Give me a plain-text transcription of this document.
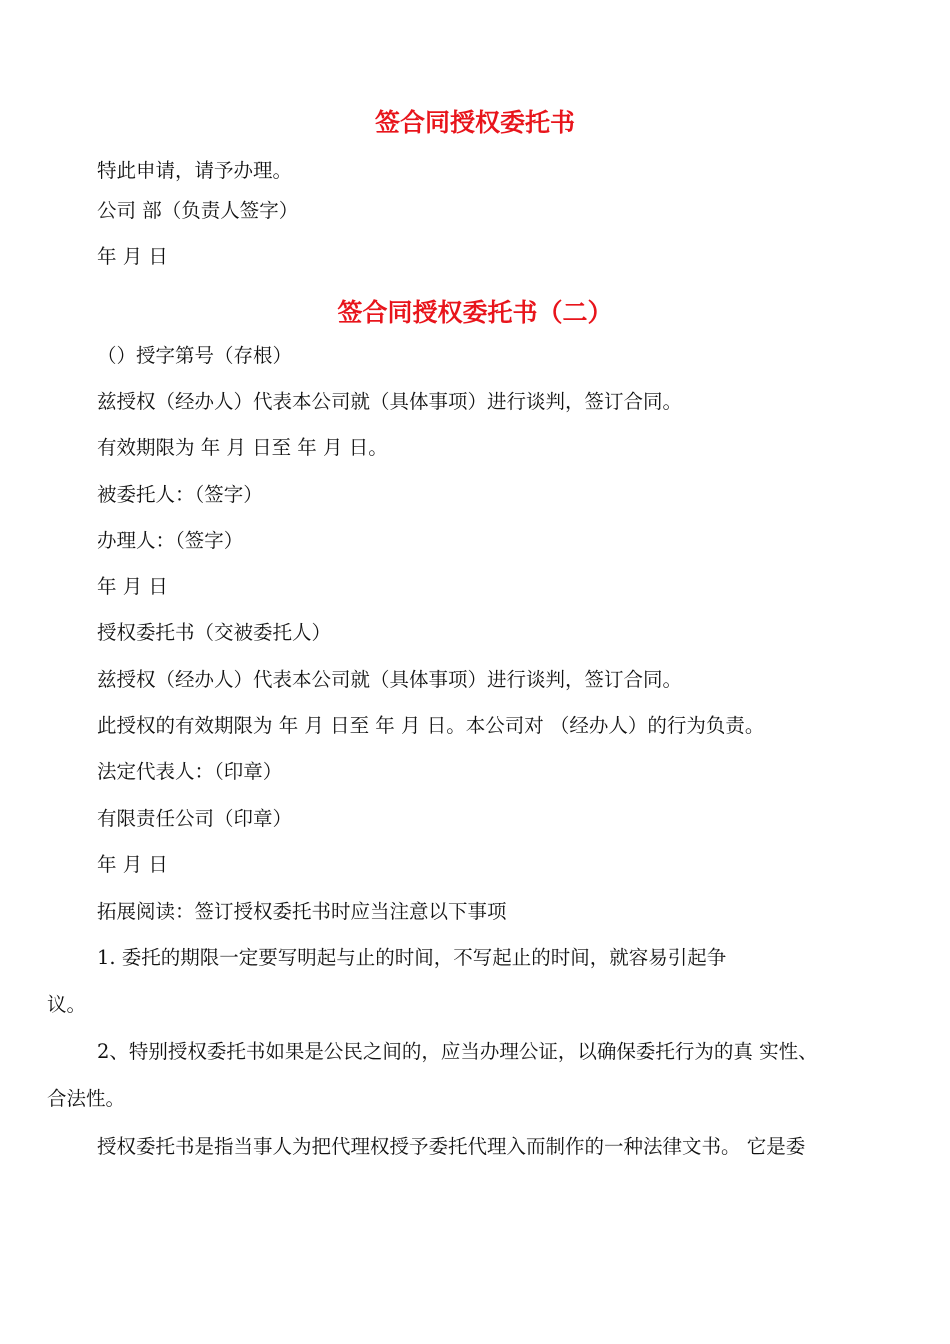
签合同授权委托书
特此申请，请予办理。
公司 部（负责人签字）
年 月 日
签合同授权委托书（二）
（）授字第号（存根）
兹授权（经办人）代表本公司就（具体事项）进行谈判，签订合同。
有效期限为 年 月 日至 年 月 日。
被委托人：（签字）
办理人：（签字）
年 月 日
授权委托书（交被委托人）
兹授权（经办人）代表本公司就（具体事项）进行谈判，签订合同。
此授权的有效期限为 年 月 日至 年 月 日。本公司对 （经办人）的行为负责。
法定代表人：（印章）
有限责任公司（印章）
年 月 日
拓展阅读：签订授权委托书时应当注意以下事项
1. 委托的期限一定要写明起与止的时间，不写起止的时间，就容易引起争
议。
2、特别授权委托书如果是公民之间的，应当办理公证，以确保委托行为的真 实性、
合法性。
授权委托书是指当事人为把代理权授予委托代理入而制作的一种法律文书。 它是委
